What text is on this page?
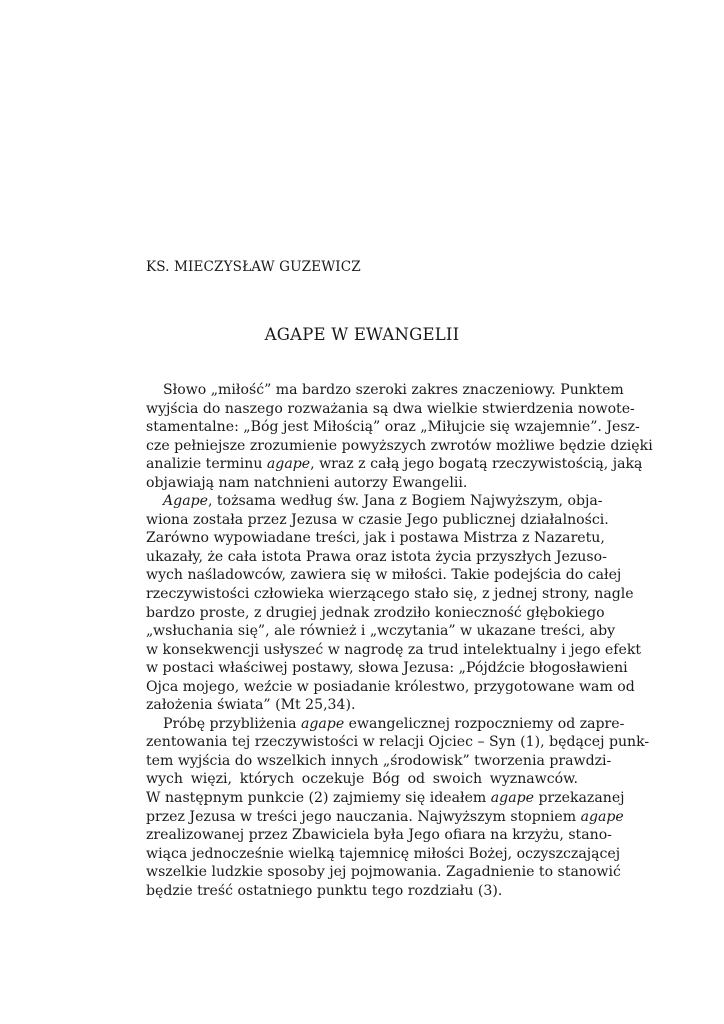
KS. MIECZYSŁAW GUZEWICZ
AGAPE W EWANGELII
Słowo „miłość” ma bardzo szeroki zakres znaczeniowy. Punktem
wyjścia do naszego rozważania są dwa wielkie stwierdzenia nowote-
stamentalne: „Bóg jest Miłością” oraz „Miłujcie się wzajemnie”. Jesz-
cze pełniejsze zrozumienie powyższych zwrotów możliwe będzie dzięki
analizie terminu agape, wraz z całą jego bogatą rzeczywistością, jaką
objawiają nam natchnieni autorzy Ewangelii.
Agape, tożsama według św. Jana z Bogiem Najwyższym, obja-
wiona została przez Jezusa w czasie Jego publicznej działalności.
Zarówno wypowiadane treści, jak i postawa Mistrza z Nazaretu,
ukazały, że cała istota Prawa oraz istota życia przyszłych Jezuso-
wych naśladowców, zawiera się w miłości. Takie podejścia do całej
rzeczywistości człowieka wierzącego stało się, z jednej strony, nagle
bardzo proste, z drugiej jednak zrodziło konieczność głębokiego
„wsłuchania się”, ale również i „wczytania” w ukazane treści, aby
w konsekwencji usłyszeć w nagrodę za trud intelektualny i jego efekt
w postaci właściwej postawy, słowa Jezusa: „Pójdźcie błogosławieni
Ojca mojego, weźcie w posiadanie królestwo, przygotowane wam od
założenia świata” (Mt 25,34).
Próbę przybliżenia agape ewangelicznej rozpoczniemy od zapre-
zentowania tej rzeczywistości w relacji Ojciec – Syn (1), będącej punk-
tem wyjścia do wszelkich innych „środowisk” tworzenia prawdzi-
wych więzi, których oczekuje Bóg od swoich wyznawców.
W następnym punkcie (2) zajmiemy się ideałem agape przekazanej
przez Jezusa w treści jego nauczania. Najwyższym stopniem agape
zrealizowanej przez Zbawiciela była Jego ofiara na krzyżu, stano-
wiąca jednocześnie wielką tajemnicę miłości Bożej, oczyszczającej
wszelkie ludzkie sposoby jej pojmowania. Zagadnienie to stanowić
będzie treść ostatniego punktu tego rozdziału (3).
